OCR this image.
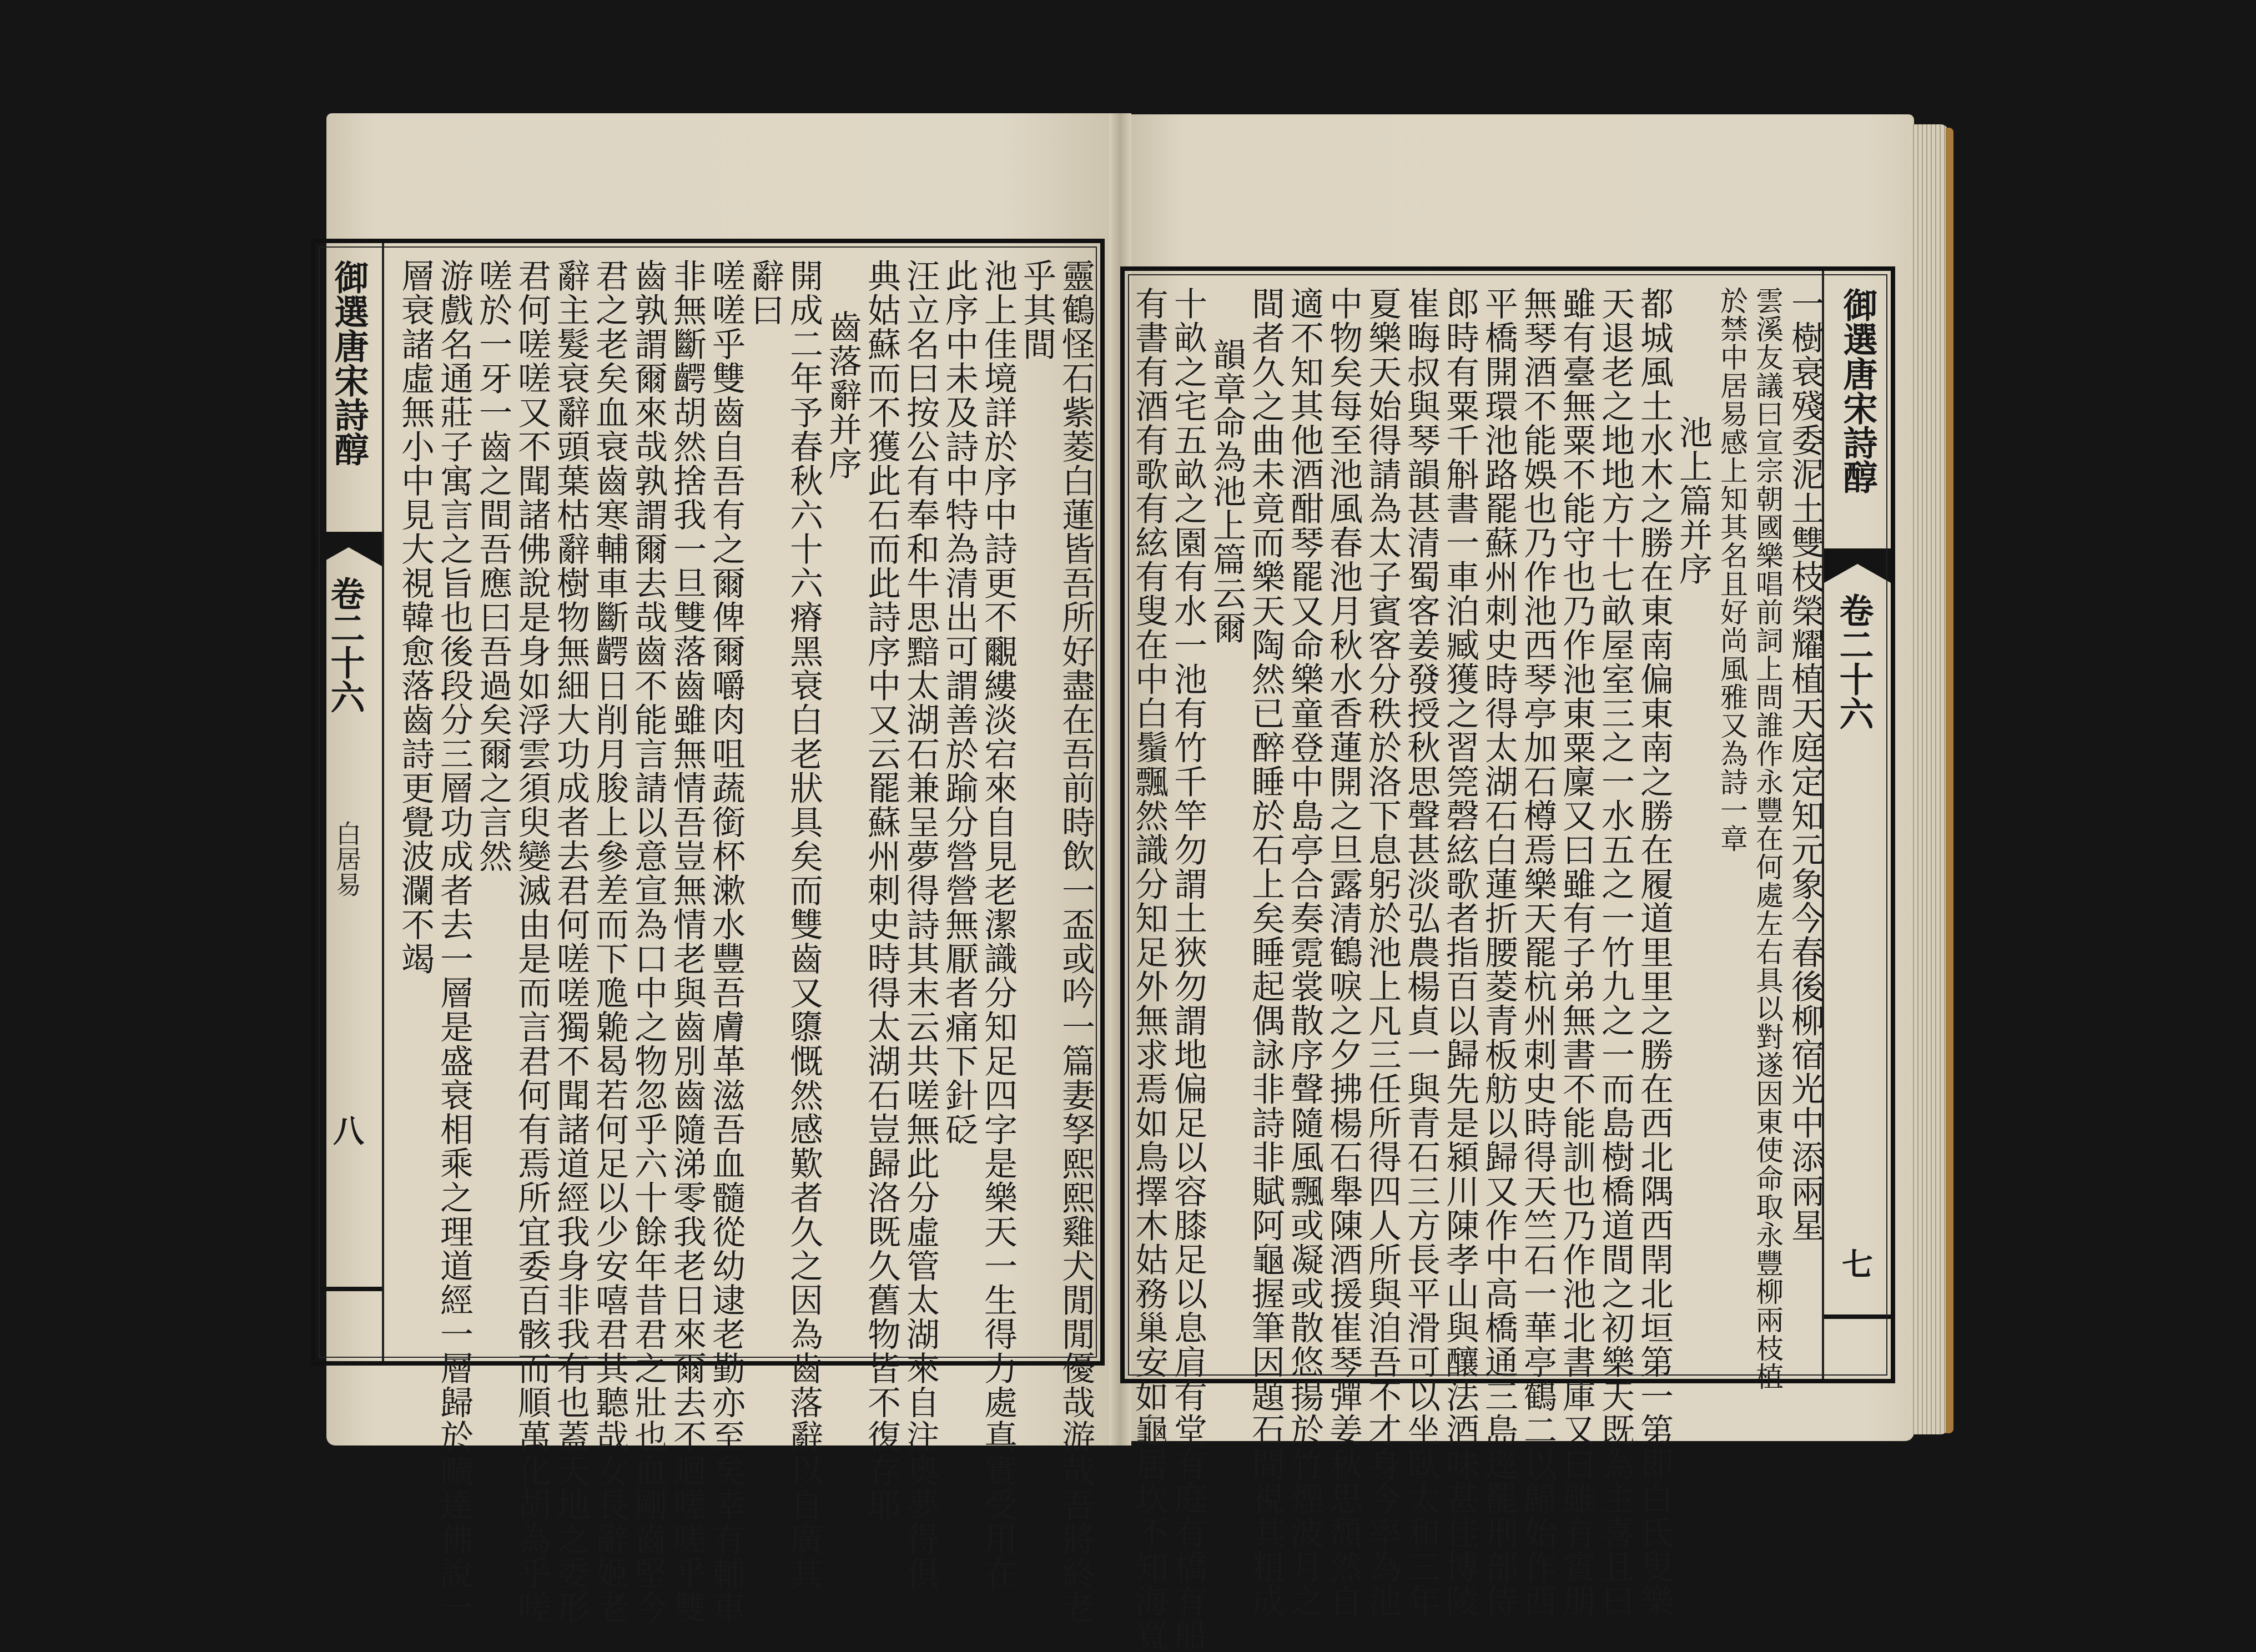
御選唐宋詩醇
卷二十六
七
一樹衰殘委泥土雙枝榮耀植天庭定知元象今春後柳宿光中添兩星
雲溪友議曰宣宗朝國樂唱前詞上問誰作永豐在何處左右具以對遂因東使命取永豐柳兩枝植
於禁中居易感上知其名且好尚風雅又為詩一章
池上篇并序
都城風土水木之勝在東南偏東南之勝在履道里里之勝在西北隅西閈北垣第一第即白氏叟樂
天退老之地地方十七畝屋室三之一水五之一竹九之一而島樹橋道間之初樂天既為主喜且曰
雖有臺無粟不能守也乃作池東粟廩又曰雖有子弟無書不能訓也乃作池北書庫又曰雖有賓朋
無琴酒不能娛也乃作池西琴亭加石樽焉樂天罷杭州刺史時得天竺石一華亭鶴二以歸始作西
平橋開環池路罷蘇州刺史時得太湖石白蓮折腰菱青板舫以歸又作中高橋通三島逕罷刑部侍
郎時有粟千斛書一車泊臧獲之習筦磬絃歌者指百以歸先是潁川陳孝山與釀法酒味甚佳博陵
崔晦叔與琴韻甚清蜀客姜發授秋思聲甚淡弘農楊貞一與青石三方長平滑可以坐臥太和三年
夏樂天始得請為太子賓客分秩於洛下息躬於池上凡三任所得四人所與洎吾不才身今率為池
中物矣每至池風春池月秋水香蓮開之旦露清鶴唳之夕拂楊石舉陳酒援崔琴彈姜秋思頹然自
適不知其他酒酣琴罷又命樂童登中島亭合奏霓裳散序聲隨風飄或凝或散悠揚於竹煙波月之
間者久之曲未竟而樂天陶然已醉睡於石上矣睡起偶詠非詩非賦阿龜握筆因題石間視其粗成
韻章命為池上篇云爾
十畝之宅五畝之園有水一池有竹千竿勿謂土狹勿謂地偏足以容膝足以息肩有堂有庭有橋有船
有書有酒有歌有絃有叟在中白鬚飄然識分知足外無求焉如鳥擇木姑務巢安如龜居坎不知海寬
御選唐宋詩醇
卷二十六
白居易
八	靈鶴怪石紫菱白蓮皆吾所好盡在吾前時飲一盃或吟一篇妻孥熙熙雞犬閒閒優哉游哉吾將終老
乎其間
池上佳境詳於序中詩更不覼縷淡宕來自見老潔識分知足四字是樂天一生得力處真實受用在
此序中未及詩中特為清出可謂善於踰分營營無厭者痛下針砭
汪立名曰按公有奉和牛思黯太湖石兼呈夢得詩其末云共嗟無此分虛管太湖來自注奧夢得俱
典姑蘇而不獲此石而此詩序中又云罷蘇州刺史時得太湖石豈歸洛既久舊物皆不復存耶
齒落辭并序
開成二年予春秋六十六瘠黑衰白老狀具矣而雙齒又隳慨然感歎者久之因為齒落辭以自廣其
辭曰
嗟嗟乎雙齒自吾有之爾俾爾嚼肉咀蔬銜杯漱水豐吾膚革滋吾血髓從幼逮老勤亦至矣幸有輔車
非無斷齶胡然捨我一旦雙落齒雖無情吾豈無情老與齒別齒隨涕零我老日來爾去不迴嗟嗟乎雙
齒孰謂爾來哉孰謂爾去哉齒不能言請以意宣為口中之物忽乎六十餘年昔君之壯也血剛齒堅今
君之老矣血衰齒寒輔車斷齶日削月朘上參差而下卼臲曷若何足以少安嘻君其聽哉女長辭姬老
辭主髮衰辭頭葉枯辭樹物無細大功成者去君何嗟嗟獨不聞諸道經我身非我有也蓋天地之委形
君何嗟嗟又不聞諸佛說是身如浮雲須臾變滅由是而言君何有焉所宜委百骸而順萬化胡為乎嗟
嗟於一牙一齒之間吾應曰吾過矣爾之言然
游戲名通莊子寓言之旨也後段分三層功成者去一層是盛衰相乘之理道經一層歸於曠達佛說一
層衰諸虛無小中見大視韓愈落齒詩更覺波瀾不竭
